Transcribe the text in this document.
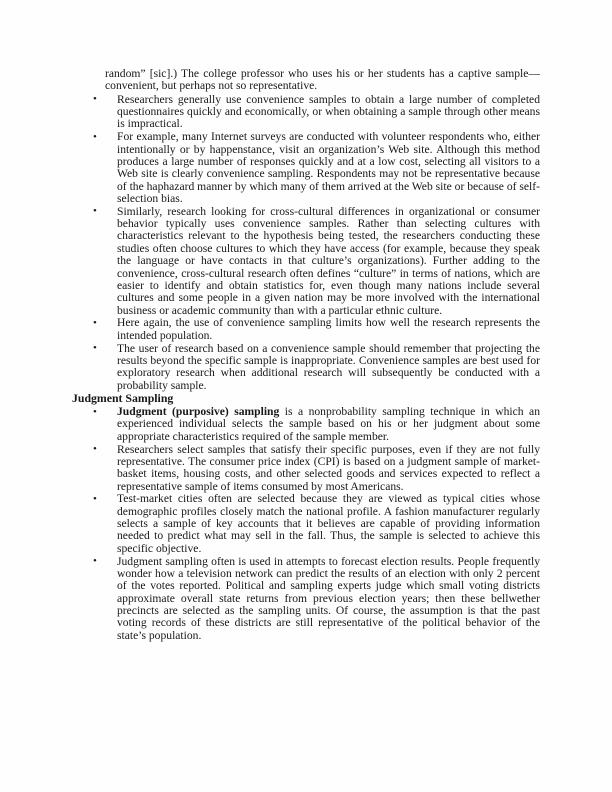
random” [sic].) The college professor who uses his or her students has a captive sample—convenient, but perhaps not so representative.

• Researchers generally use convenience samples to obtain a large number of completed questionnaires quickly and economically, or when obtaining a sample through other means is impractical.
• For example, many Internet surveys are conducted with volunteer respondents who, either intentionally or by happenstance, visit an organization’s Web site. Although this method produces a large number of responses quickly and at a low cost, selecting all visitors to a Web site is clearly convenience sampling. Respondents may not be representative because of the haphazard manner by which many of them arrived at the Web site or because of self-selection bias.
• Similarly, research looking for cross-cultural differences in organizational or consumer behavior typically uses convenience samples. Rather than selecting cultures with characteristics relevant to the hypothesis being tested, the researchers conducting these studies often choose cultures to which they have access (for example, because they speak the language or have contacts in that culture’s organizations). Further adding to the convenience, cross-cultural research often defines “culture” in terms of nations, which are easier to identify and obtain statistics for, even though many nations include several cultures and some people in a given nation may be more involved with the international business or academic community than with a particular ethnic culture.
• Here again, the use of convenience sampling limits how well the research represents the intended population.
• The user of research based on a convenience sample should remember that projecting the results beyond the specific sample is inappropriate. Convenience samples are best used for exploratory research when additional research will subsequently be conducted with a probability sample.
Judgment Sampling
• Judgment (purposive) sampling is a nonprobability sampling technique in which an experienced individual selects the sample based on his or her judgment about some appropriate characteristics required of the sample member.
• Researchers select samples that satisfy their specific purposes, even if they are not fully representative. The consumer price index (CPI) is based on a judgment sample of market-basket items, housing costs, and other selected goods and services expected to reflect a representative sample of items consumed by most Americans.
• Test-market cities often are selected because they are viewed as typical cities whose demographic profiles closely match the national profile. A fashion manufacturer regularly selects a sample of key accounts that it believes are capable of providing information needed to predict what may sell in the fall. Thus, the sample is selected to achieve this specific objective.
• Judgment sampling often is used in attempts to forecast election results. People frequently wonder how a television network can predict the results of an election with only 2 percent of the votes reported. Political and sampling experts judge which small voting districts approximate overall state returns from previous election years; then these bellwether precincts are selected as the sampling units. Of course, the assumption is that the past voting records of these districts are still representative of the political behavior of the state’s population.
